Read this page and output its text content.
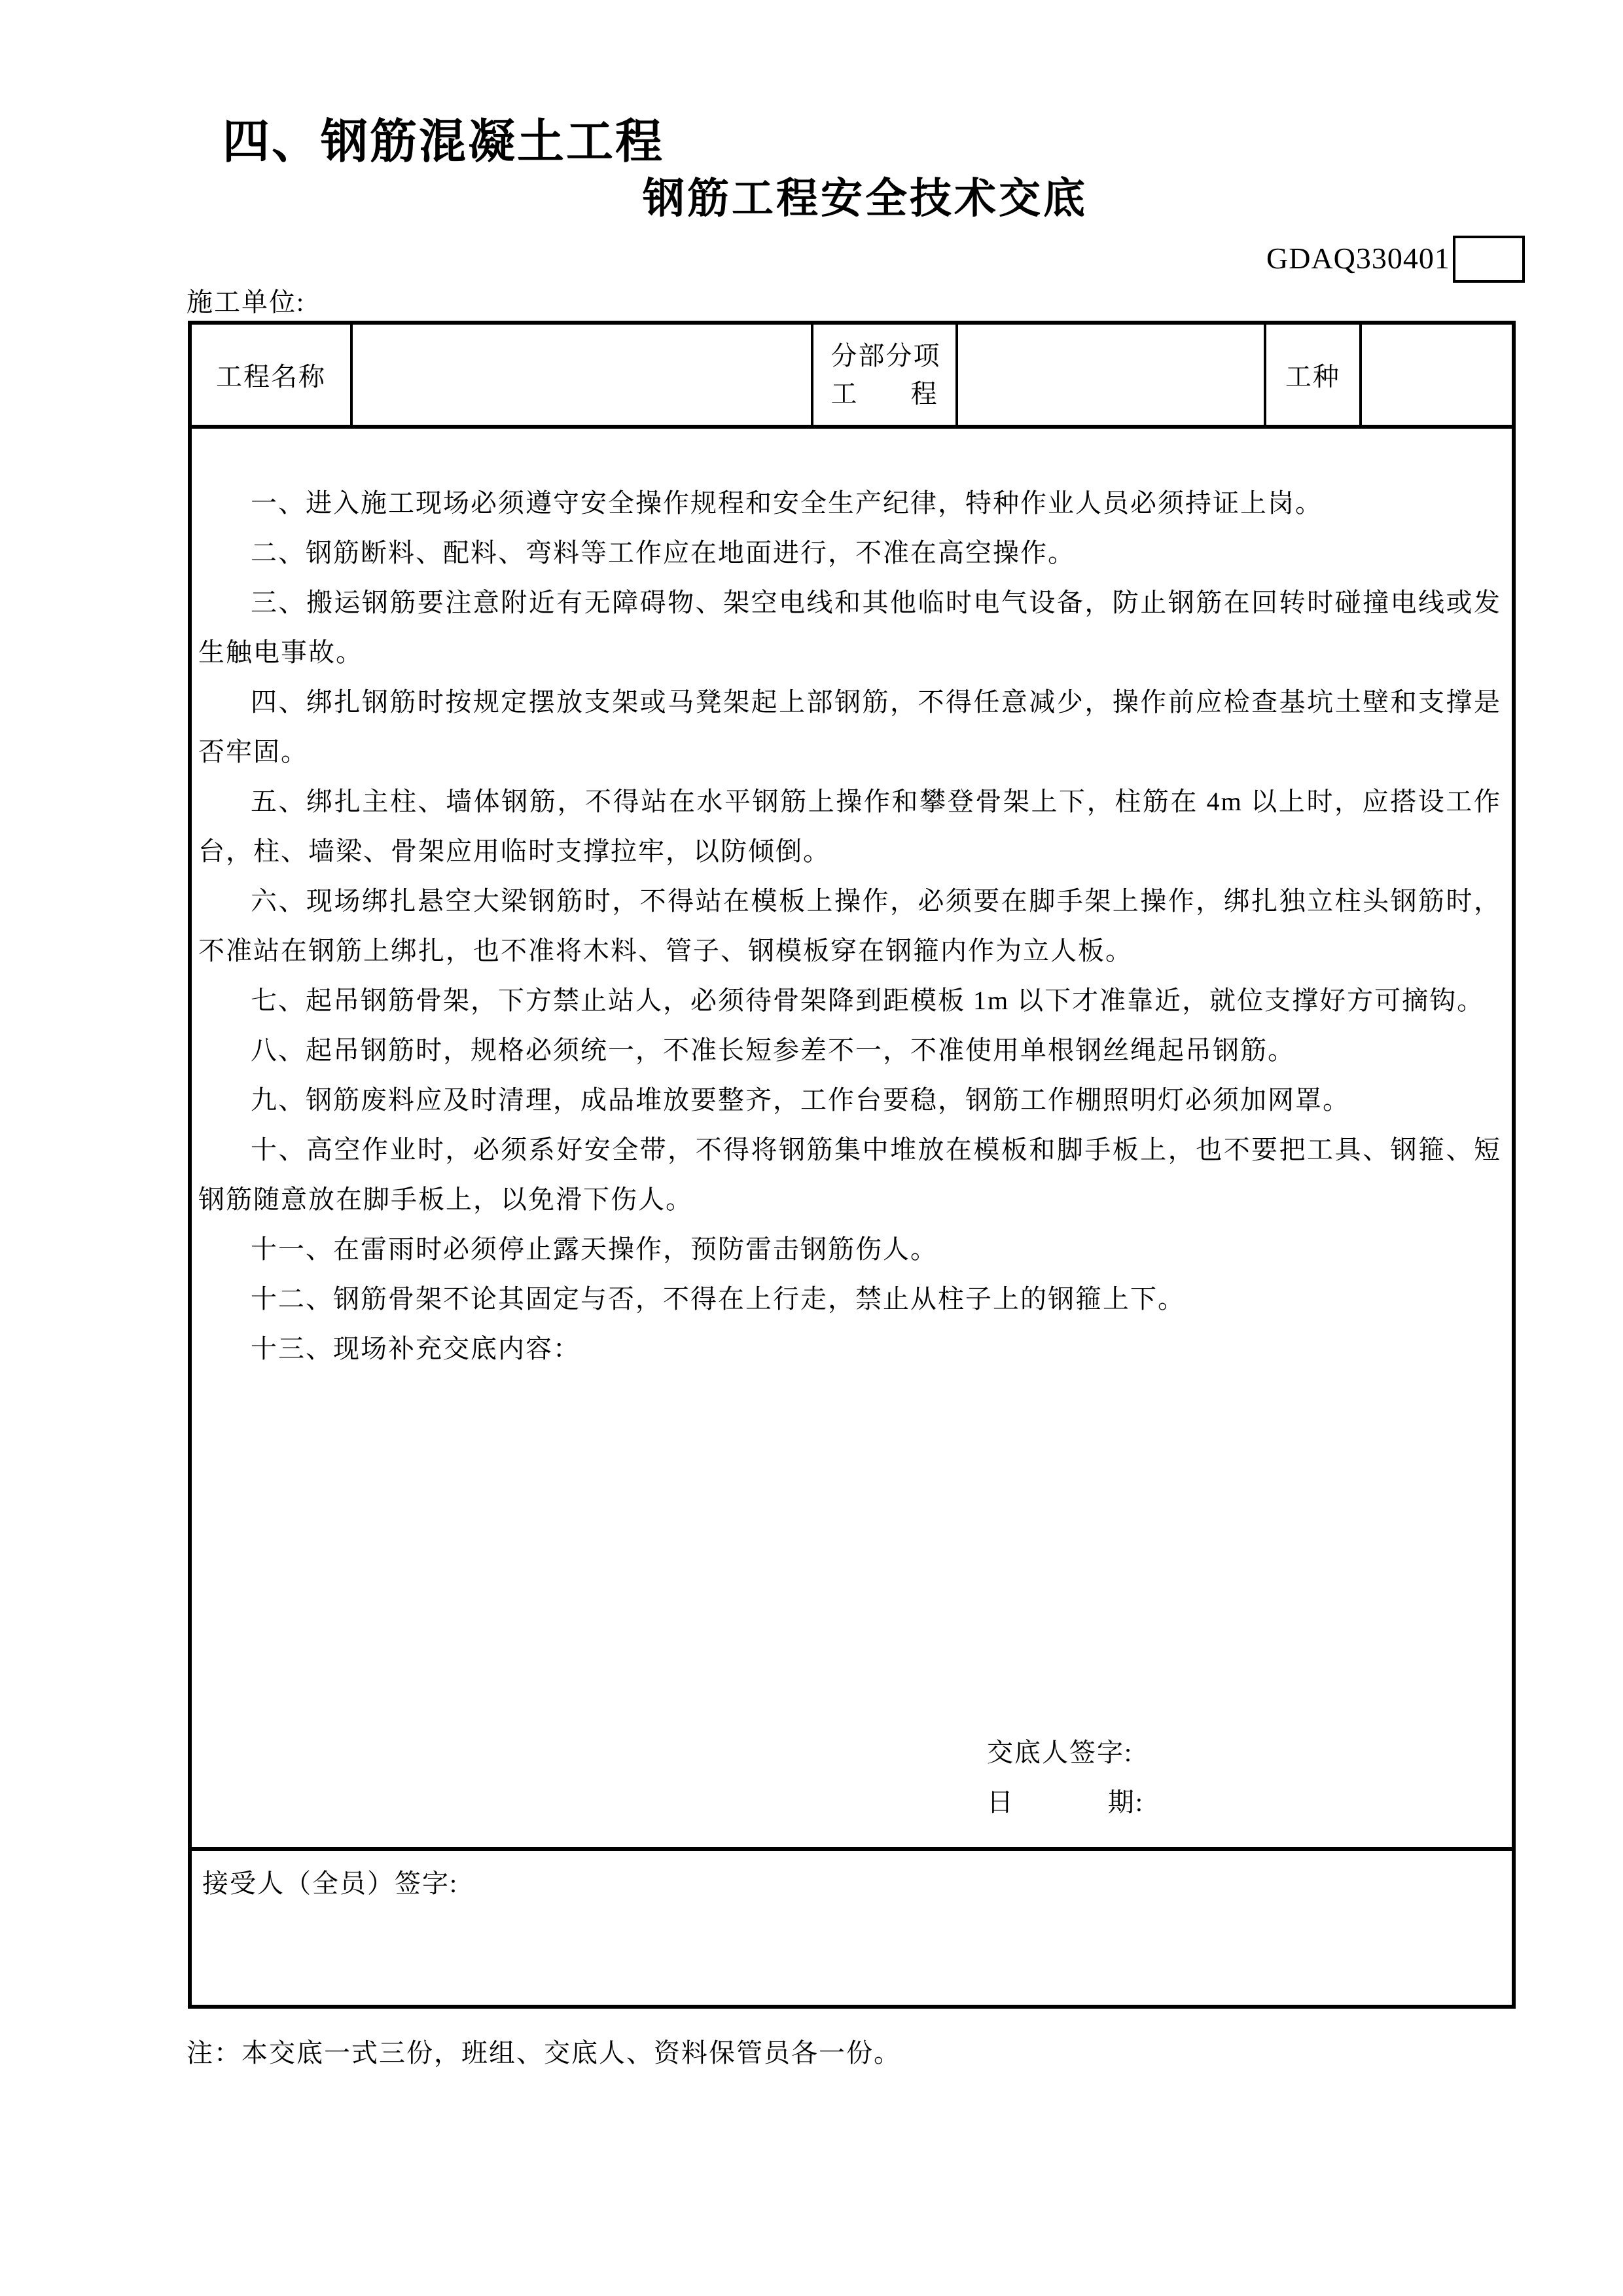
四、钢筋混凝土工程
钢筋工程安全技术交底
GDAQ330401
施工单位:
工程名称
分部分项
工 程
工种

一、进入施工现场必须遵守安全操作规程和安全生产纪律，特种作业人员必须持证上岗。

二、钢筋断料、配料、弯料等工作应在地面进行，不准在高空操作。

三、搬运钢筋要注意附近有无障碍物、架空电线和其他临时电气设备，防止钢筋在回转时碰撞电线或发生触电事故。

四、绑扎钢筋时按规定摆放支架或马凳架起上部钢筋，不得任意减少，操作前应检查基坑土壁和支撑是否牢固。

五、绑扎主柱、墙体钢筋，不得站在水平钢筋上操作和攀登骨架上下，柱筋在 4m 以上时，应搭设工作台，柱、墙梁、骨架应用临时支撑拉牢，以防倾倒。

六、现场绑扎悬空大梁钢筋时，不得站在模板上操作，必须要在脚手架上操作，绑扎独立柱头钢筋时，不准站在钢筋上绑扎，也不准将木料、管子、钢模板穿在钢箍内作为立人板。

七、起吊钢筋骨架，下方禁止站人，必须待骨架降到距模板 1m 以下才准靠近，就位支撑好方可摘钩。

八、起吊钢筋时，规格必须统一，不准长短参差不一，不准使用单根钢丝绳起吊钢筋。

九、钢筋废料应及时清理，成品堆放要整齐，工作台要稳，钢筋工作棚照明灯必须加网罩。

十、高空作业时，必须系好安全带，不得将钢筋集中堆放在模板和脚手板上，也不要把工具、钢箍、短钢筋随意放在脚手板上，以免滑下伤人。

十一、在雷雨时必须停止露天操作，预防雷击钢筋伤人。

十二、钢筋骨架不论其固定与否，不得在上行走，禁止从柱子上的钢箍上下。

十三、现场补充交底内容：

交底人签字:
日	期:
接受人（全员）签字:
注：本交底一式三份，班组、交底人、资料保管员各一份。
